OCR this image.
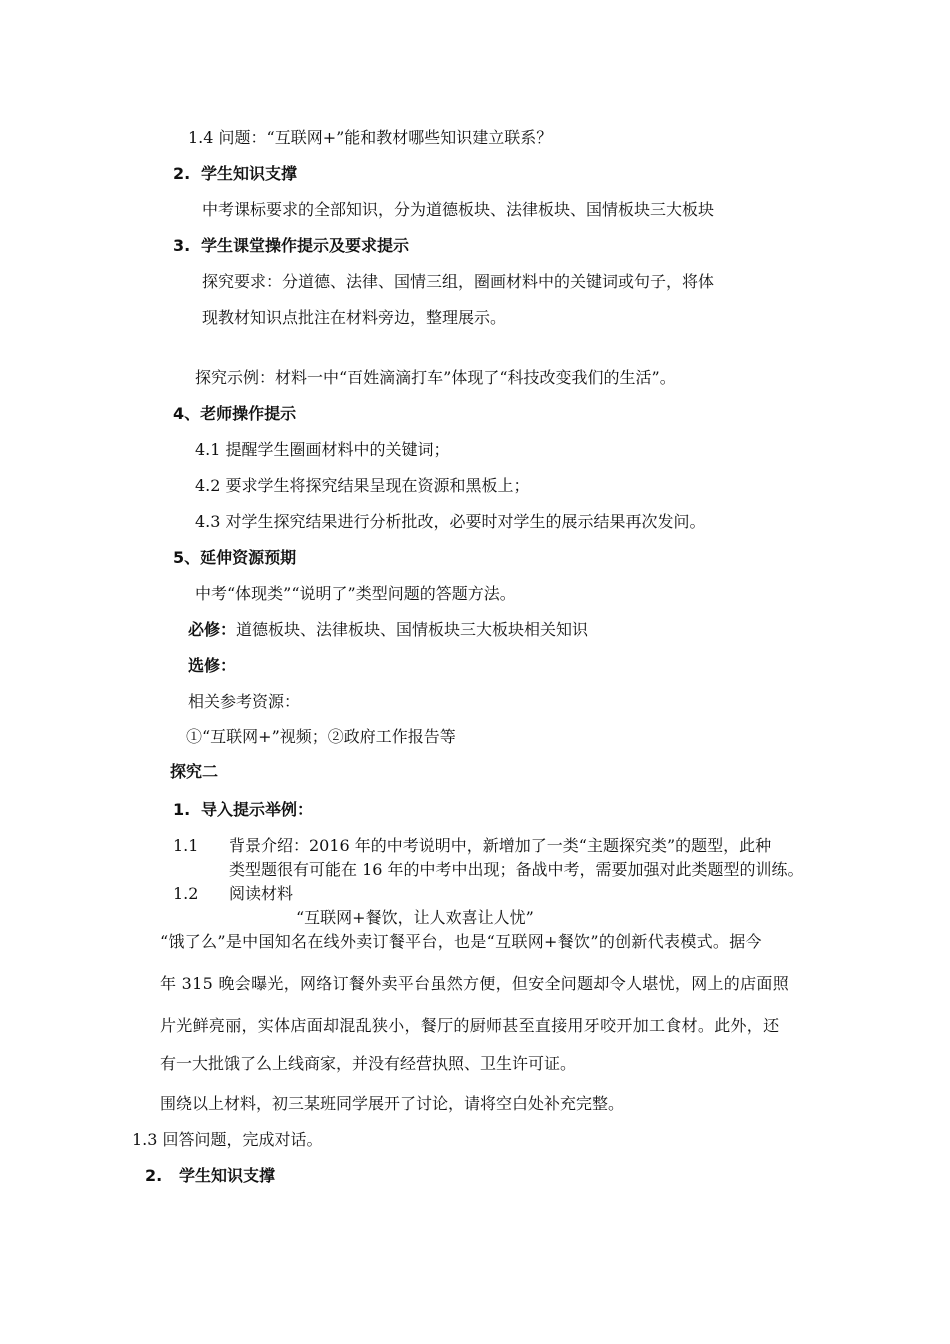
1.4 问题：“互联网+”能和教材哪些知识建立联系？
2. 学生知识支撑
中考课标要求的全部知识，分为道德板块、法律板块、国情板块三大板块
3. 学生课堂操作提示及要求提示
探究要求：分道德、法律、国情三组，圈画材料中的关键词或句子，将体
现教材知识点批注在材料旁边，整理展示。
探究示例：材料一中“百姓滴滴打车”体现了“科技改变我们的生活”。
4、老师操作提示
4.1 提醒学生圈画材料中的关键词；
4.2 要求学生将探究结果呈现在资源和黑板上；
4.3 对学生探究结果进行分析批改，必要时对学生的展示结果再次发问。
5、延伸资源预期
中考“体现类”“说明了”类型问题的答题方法。
必修：道德板块、法律板块、国情板块三大板块相关知识
选修：
相关参考资源：
①“互联网+”视频；②政府工作报告等
探究二
1. 导入提示举例：
1.1 背景介绍：2016 年的中考说明中，新增加了一类“主题探究类”的题型，此种
类型题很有可能在 16 年的中考中出现；备战中考，需要加强对此类题型的训练。
1.2 阅读材料
“互联网+餐饮，让人欢喜让人忧”
“饿了么”是中国知名在线外卖订餐平台，也是“互联网+餐饮”的创新代表模式。据今
年 315 晚会曝光，网络订餐外卖平台虽然方便，但安全问题却令人堪忧，网上的店面照
片光鲜亮丽，实体店面却混乱狭小，餐厅的厨师甚至直接用牙咬开加工食材。此外，还
有一大批饿了么上线商家，并没有经营执照、卫生许可证。
围绕以上材料，初三某班同学展开了讨论，请将空白处补充完整。
1.3 回答问题，完成对话。
2. 学生知识支撑
